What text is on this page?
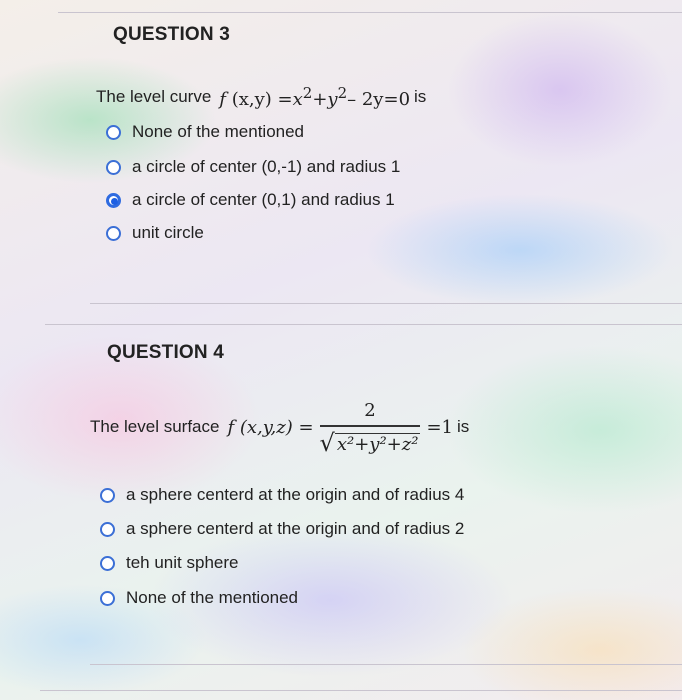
QUESTION 3
The level curve f $(x,y) =x^2+y^2-$ 2y=0 is
None of the mentioned
a circle of center (0,-1) and radius 1
a circle of center (0,1) and radius 1
unit circle
QUESTION 4
The level surface f $(x,y,z) = \frac{2}{\text{√ x²+y²+z²}} =1$ is
a sphere centerd at the origin and of radius 4
a sphere centerd at the origin and of radius 2
teh unit sphere
None of the mentioned
